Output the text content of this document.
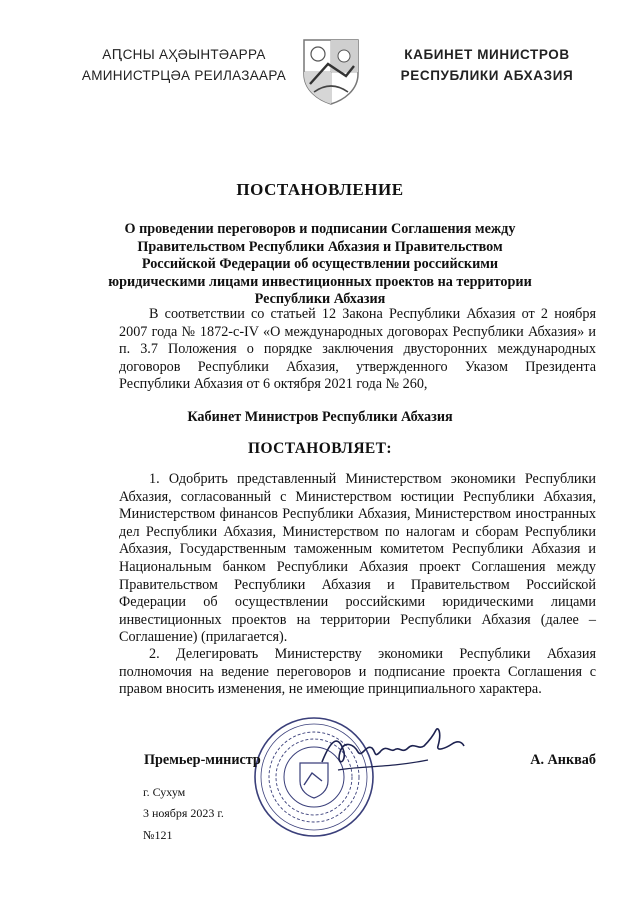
АԤСНЫ АҲӘЫНТӘАРРА
АМИНИСТРЦӘА РЕИЛАЗААРА
КАБИНЕТ МИНИСТРОВ
РЕСПУБЛИКИ АБХАЗИЯ
ПОСТАНОВЛЕНИЕ
О проведении переговоров и подписании Соглашения между Правительством Республики Абхазия и Правительством Российской Федерации об осуществлении российскими юридическими лицами инвестиционных проектов на территории Республики Абхазия
В соответствии со статьей 12 Закона Республики Абхазия от 2 ноября 2007 года № 1872-с-IV «О международных договорах Республики Абхазия» и п. 3.7 Положения о порядке заключения двусторонних международных договоров Республики Абхазия, утвержденного Указом Президента Республики Абхазия от 6 октября 2021 года № 260,
Кабинет Министров Республики Абхазия
ПОСТАНОВЛЯЕТ:
1. Одобрить представленный Министерством экономики Республики Абхазия, согласованный с Министерством юстиции Республики Абхазия, Министерством финансов Республики Абхазия, Министерством иностранных дел Республики Абхазия, Министерством по налогам и сборам Республики Абхазия, Государственным таможенным комитетом Республики Абхазия и Национальным банком Республики Абхазия проект Соглашения между Правительством Республики Абхазия и Правительством Российской Федерации об осуществлении российскими юридическими лицами инвестиционных проектов на территории Республики Абхазия (далее – Соглашение) (прилагается).
2. Делегировать Министерству экономики Республики Абхазия полномочия на ведение переговоров и подписание проекта Соглашения с правом вносить изменения, не имеющие принципиального характера.
Премьер-министр	А. Анкваб
г. Сухум
3 ноября 2023 г.
№121
